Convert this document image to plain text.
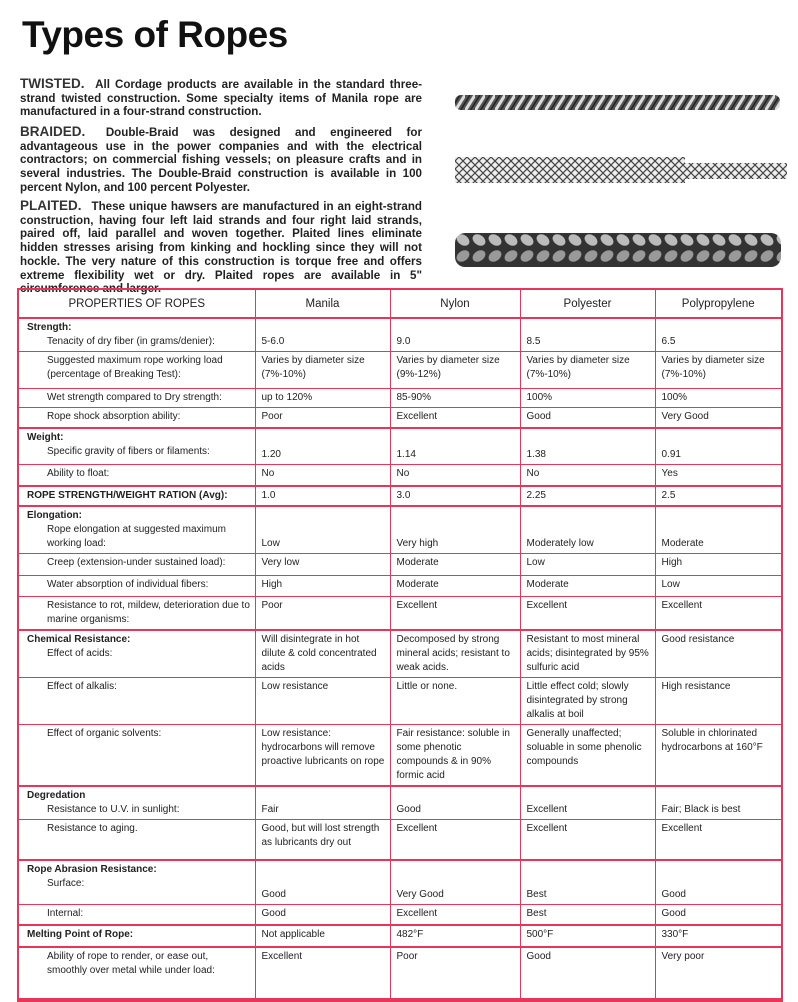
Types of Ropes
TWISTED. All Cordage products are available in the standard three-strand twisted construction. Some specialty items of Manila rope are manufactured in a four-strand construction.
BRAIDED. Double-Braid was designed and engineered for advantageous use in the power companies and with the electrical contractors; on commercial fishing vessels; on pleasure crafts and in several industries. The Double-Braid construction is available in 100 percent Nylon, and 100 percent Polyester.
PLAITED. These unique hawsers are manufactured in an eight-strand construction, having four left laid strands and four right laid strands, paired off, laid parallel and woven together. Plaited lines eliminate hidden stresses arising from kinking and hockling since they will not hockle. The very nature of this construction is torque free and offers extreme flexibility wet or dry. Plaited ropes are available in 5" circumference and larger.
PROPERTIES OF ROPES	Manila	Nylon	Polyester	Polypropylene

Strength:
Tenacity of dry fiber (in grams/denier):	5-6.0	9.0	8.5	6.5

Suggested maximum rope working load (percentage of Breaking Test):	Varies by diameter size (7%-10%)	Varies by diameter size (9%-12%)	Varies by diameter size (7%-10%)	Varies by diameter size (7%-10%)

Wet strength compared to Dry strength:	up to 120%	85-90%	100%	100%

Rope shock absorption ability:	Poor	Excellent	Good	Very Good

Weight:
Specific gravity of fibers or filaments:	1.20	1.14	1.38	0.91

Ability to float:	No	No	No	Yes

ROPE STRENGTH/WEIGHT RATION (Avg):	1.0	3.0	2.25	2.5

Elongation:
Rope elongation at suggested maximum working load:	Low	Very high	Moderately low	Moderate

Creep (extension-under sustained load):	Very low	Moderate	Low	High

Water absorption of individual fibers:	High	Moderate	Moderate	Low

Resistance to rot, mildew, deterioration due to marine organisms:	Poor	Excellent	Excellent	Excellent

Chemical Resistance:
Effect of acids:	Will disintegrate in hot dilute & cold concentrated acids	Decomposed by strong mineral acids; resistant to weak acids.	Resistant to most mineral acids; disintegrated by 95% sulfuric acid	Good resistance

Effect of alkalis:	Low resistance	Little or none.	Little effect cold; slowly disintegrated by strong alkalis at boil	High resistance

Effect of organic solvents:	Low resistance: hydrocarbons will remove proactive lubricants on rope	Fair resistance: soluble in some phenotic compounds & in 90% formic acid	Generally unaffected; soluable in some phenolic compounds	Soluble in chlorinated hydrocarbons at 160°F

Degredation
Resistance to U.V. in sunlight:	Fair	Good	Excellent	Fair; Black is best

Resistance to aging.	Good, but will lost strength as lubricants dry out	Excellent	Excellent	Excellent

Rope Abrasion Resistance:
Surface:	Good	Very Good	Best	Good

Internal:	Good	Excellent	Best	Good

Melting Point of Rope:	Not applicable	482°F	500°F	330°F

Ability of rope to render, or ease out, smoothly over metal while under load:	Excellent	Poor	Good	Very poor
